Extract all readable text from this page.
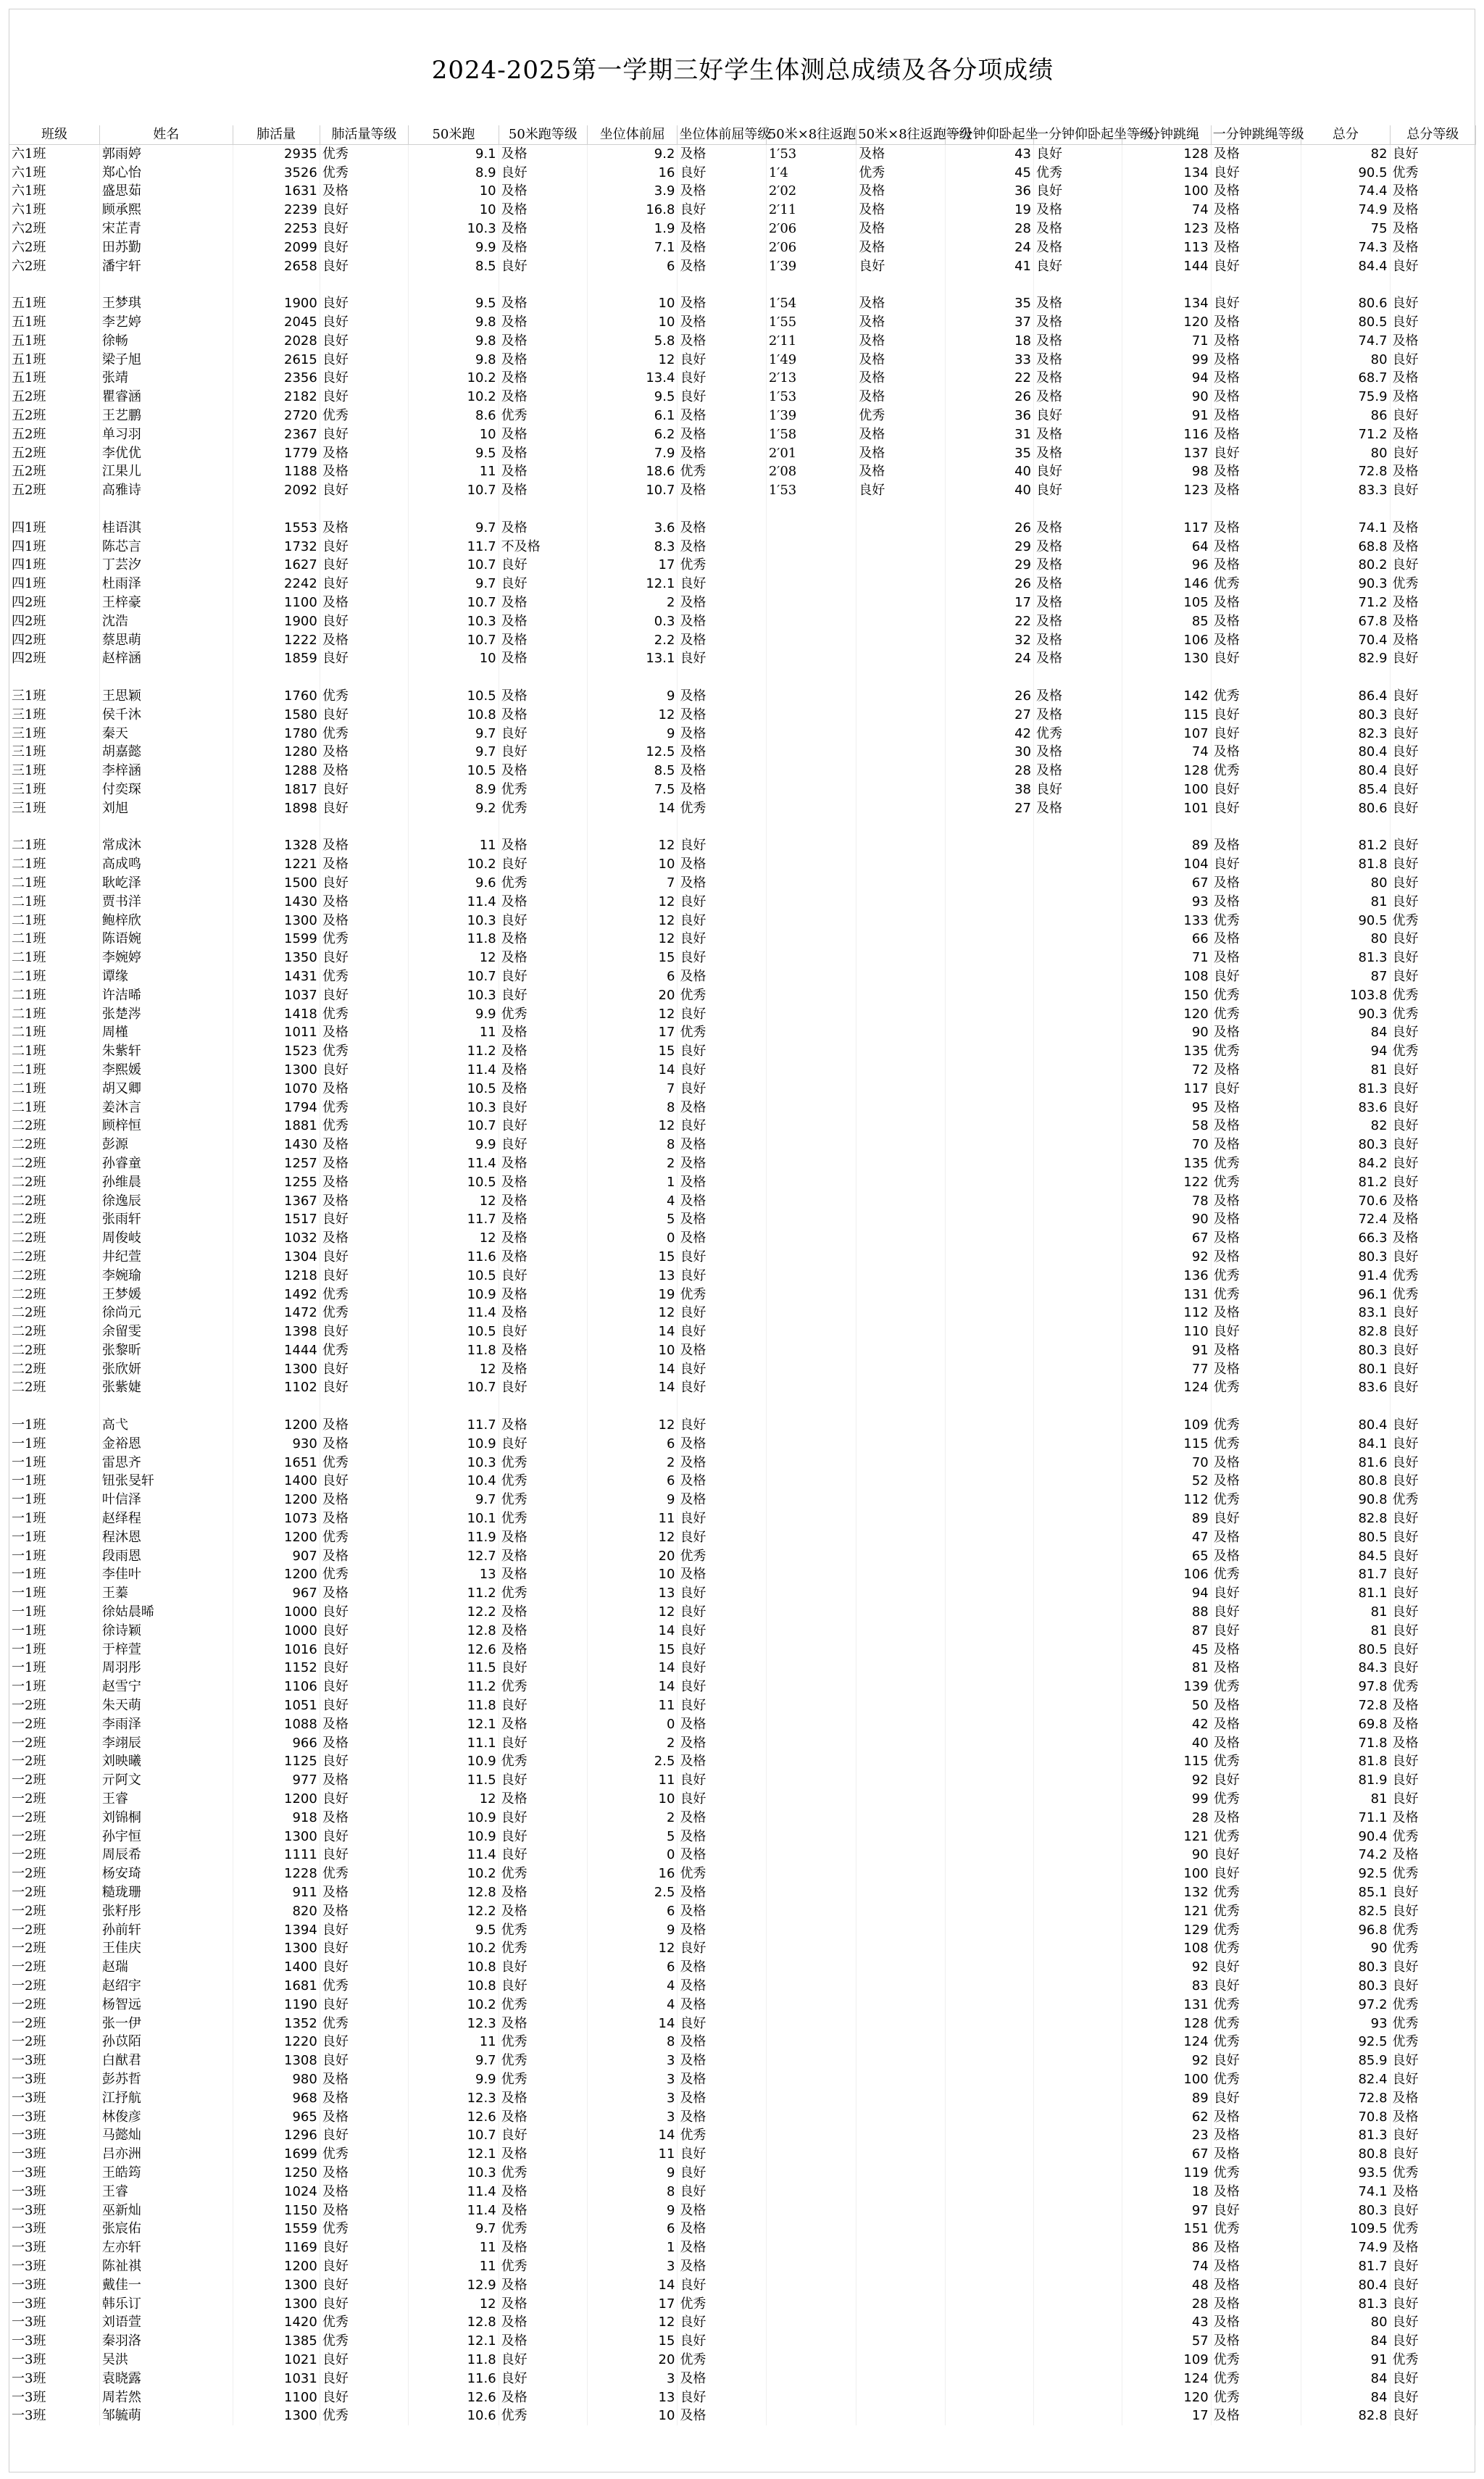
2024-2025第一学期三好学生体测总成绩及各分项成绩
班级	姓名	肺活量	肺活量等级	50米跑	50米跑等级	坐位体前屈	坐位体前屈等级	50米×8往返跑	50米×8往返跑等级	一分钟仰卧起坐	一分钟仰卧起坐等级	一分钟跳绳	一分钟跳绳等级	总分	总分等级
六1班	郭雨婷	2935	优秀	9.1	及格	9.2	及格	1′53	及格	43	良好	128	及格	82	良好
六1班	郑心怡	3526	优秀	8.9	良好	16	良好	1′4	优秀	45	优秀	134	良好	90.5	优秀
六1班	盛思茹	1631	及格	10	及格	3.9	及格	2′02	及格	36	良好	100	及格	74.4	及格
六1班	顾承熙	2239	良好	10	及格	16.8	良好	2′11	及格	19	及格	74	及格	74.9	及格
六2班	宋芷青	2253	良好	10.3	及格	1.9	及格	2′06	及格	28	及格	123	及格	75	及格
六2班	田苏勤	2099	良好	9.9	及格	7.1	及格	2′06	及格	24	及格	113	及格	74.3	及格
六2班	潘宇轩	2658	良好	8.5	良好	6	及格	1′39	良好	41	良好	144	良好	84.4	良好

五1班	王梦琪	1900	良好	9.5	及格	10	及格	1′54	及格	35	及格	134	良好	80.6	良好
五1班	李艺婷	2045	良好	9.8	及格	10	及格	1′55	及格	37	及格	120	及格	80.5	良好
五1班	徐畅	2028	良好	9.8	及格	5.8	及格	2′11	及格	18	及格	71	及格	74.7	及格
五1班	梁子旭	2615	良好	9.8	及格	12	良好	1′49	及格	33	及格	99	及格	80	良好
五1班	张靖	2356	良好	10.2	及格	13.4	良好	2′13	及格	22	及格	94	及格	68.7	及格
五2班	瞿睿涵	2182	良好	10.2	及格	9.5	良好	1′53	及格	26	及格	90	及格	75.9	及格
五2班	王艺鹏	2720	优秀	8.6	优秀	6.1	及格	1′39	优秀	36	良好	91	及格	86	良好
五2班	单习羽	2367	良好	10	及格	6.2	及格	1′58	及格	31	及格	116	及格	71.2	及格
五2班	李优优	1779	及格	9.5	及格	7.9	及格	2′01	及格	35	及格	137	良好	80	良好
五2班	江果儿	1188	及格	11	及格	18.6	优秀	2′08	及格	40	良好	98	及格	72.8	及格
五2班	高雅诗	2092	良好	10.7	及格	10.7	及格	1′53	良好	40	良好	123	及格	83.3	良好

四1班	桂语淇	1553	及格	9.7	及格	3.6	及格			26	及格	117	及格	74.1	及格
四1班	陈芯言	1732	良好	11.7	不及格	8.3	及格			29	及格	64	及格	68.8	及格
四1班	丁芸汐	1627	良好	10.7	良好	17	优秀			29	及格	96	及格	80.2	良好
四1班	杜雨泽	2242	良好	9.7	良好	12.1	良好			26	及格	146	优秀	90.3	优秀
四2班	王梓豪	1100	及格	10.7	及格	2	及格			17	及格	105	及格	71.2	及格
四2班	沈浩	1900	良好	10.3	及格	0.3	及格			22	及格	85	及格	67.8	及格
四2班	蔡思萌	1222	及格	10.7	及格	2.2	及格			32	及格	106	及格	70.4	及格
四2班	赵梓涵	1859	良好	10	及格	13.1	良好			24	及格	130	良好	82.9	良好

三1班	王思颖	1760	优秀	10.5	及格	9	及格			26	及格	142	优秀	86.4	良好
三1班	侯千沐	1580	良好	10.8	及格	12	及格			27	及格	115	良好	80.3	良好
三1班	秦天	1780	优秀	9.7	良好	9	及格			42	优秀	107	良好	82.3	良好
三1班	胡嘉懿	1280	及格	9.7	良好	12.5	及格			30	及格	74	及格	80.4	良好
三1班	李梓涵	1288	及格	10.5	及格	8.5	及格			28	及格	128	优秀	80.4	良好
三1班	付奕琛	1817	良好	8.9	优秀	7.5	及格			38	良好	100	良好	85.4	良好
三1班	刘旭	1898	良好	9.2	优秀	14	优秀			27	及格	101	良好	80.6	良好

二1班	常成沐	1328	及格	11	及格	12	良好					89	及格	81.2	良好
二1班	高成鸣	1221	及格	10.2	良好	10	及格					104	良好	81.8	良好
二1班	耿屹泽	1500	良好	9.6	优秀	7	及格					67	及格	80	良好
二1班	贾书洋	1430	及格	11.4	及格	12	良好					93	及格	81	良好
二1班	鲍梓欣	1300	及格	10.3	良好	12	良好					133	优秀	90.5	优秀
二1班	陈语婉	1599	优秀	11.8	及格	12	良好					66	及格	80	良好
二1班	李婉婷	1350	良好	12	及格	15	良好					71	及格	81.3	良好
二1班	谭缘	1431	优秀	10.7	良好	6	及格					108	良好	87	良好
二1班	许洁晞	1037	良好	10.3	良好	20	优秀					150	优秀	103.8	优秀
二1班	张楚涔	1418	优秀	9.9	优秀	12	良好					120	优秀	90.3	优秀
二1班	周槿	1011	及格	11	及格	17	优秀					90	及格	84	良好
二1班	朱紫轩	1523	优秀	11.2	及格	15	良好					135	优秀	94	优秀
二1班	李熙媛	1300	良好	11.4	及格	14	良好					72	及格	81	良好
二1班	胡又卿	1070	及格	10.5	及格	7	良好					117	良好	81.3	良好
二1班	姜沐言	1794	优秀	10.3	良好	8	及格					95	及格	83.6	良好
二2班	顾梓恒	1881	优秀	10.7	良好	12	良好					58	及格	82	良好
二2班	彭源	1430	及格	9.9	良好	8	及格					70	及格	80.3	良好
二2班	孙睿童	1257	及格	11.4	及格	2	及格					135	优秀	84.2	良好
二2班	孙维晨	1255	及格	10.5	及格	1	及格					122	优秀	81.2	良好
二2班	徐逸辰	1367	及格	12	及格	4	及格					78	及格	70.6	及格
二2班	张雨轩	1517	良好	11.7	及格	5	及格					90	及格	72.4	及格
二2班	周俊岐	1032	及格	12	及格	0	及格					67	及格	66.3	及格
二2班	井纪萱	1304	良好	11.6	及格	15	良好					92	及格	80.3	良好
二2班	李婉瑜	1218	良好	10.5	良好	13	良好					136	优秀	91.4	优秀
二2班	王梦媛	1492	优秀	10.9	及格	19	优秀					131	优秀	96.1	优秀
二2班	徐尚元	1472	优秀	11.4	及格	12	良好					112	及格	83.1	良好
二2班	余留雯	1398	良好	10.5	良好	14	良好					110	良好	82.8	良好
二2班	张黎昕	1444	优秀	11.8	及格	10	及格					91	及格	80.3	良好
二2班	张欣妍	1300	良好	12	及格	14	良好					77	及格	80.1	良好
二2班	张紫婕	1102	良好	10.7	良好	14	良好					124	优秀	83.6	良好

一1班	高弋	1200	及格	11.7	及格	12	良好					109	优秀	80.4	良好
一1班	金裕恩	930	及格	10.9	良好	6	及格					115	优秀	84.1	良好
一1班	雷思齐	1651	优秀	10.3	优秀	2	及格					70	及格	81.6	良好
一1班	钮张旻轩	1400	良好	10.4	优秀	6	及格					52	及格	80.8	良好
一1班	叶信泽	1200	及格	9.7	优秀	9	及格					112	优秀	90.8	优秀
一1班	赵绎程	1073	及格	10.1	优秀	11	良好					89	良好	82.8	良好
一1班	程沐恩	1200	优秀	11.9	及格	12	良好					47	及格	80.5	良好
一1班	段雨恩	907	及格	12.7	及格	20	优秀					65	及格	84.5	良好
一1班	李佳叶	1200	优秀	13	及格	10	及格					106	优秀	81.7	良好
一1班	王蓁	967	及格	11.2	优秀	13	良好					94	良好	81.1	良好
一1班	徐姑晨晞	1000	良好	12.2	及格	12	良好					88	良好	81	良好
一1班	徐诗颖	1000	良好	12.8	及格	14	良好					87	良好	81	良好
一1班	于梓萱	1016	良好	12.6	及格	15	良好					45	及格	80.5	良好
一1班	周羽彤	1152	良好	11.5	良好	14	良好					81	及格	84.3	良好
一1班	赵雪宁	1106	良好	11.2	优秀	14	良好					139	优秀	97.8	优秀
一2班	朱天萌	1051	良好	11.8	良好	11	良好					50	及格	72.8	及格
一2班	李雨泽	1088	及格	12.1	及格	0	及格					42	及格	69.8	及格
一2班	李翊辰	966	及格	11.1	良好	2	及格					40	及格	71.8	及格
一2班	刘映曦	1125	良好	10.9	优秀	2.5	及格					115	优秀	81.8	良好
一2班	亓阿文	977	及格	11.5	良好	11	良好					92	良好	81.9	良好
一2班	王睿	1200	良好	12	及格	10	良好					99	优秀	81	良好
一2班	刘锦桐	918	及格	10.9	良好	2	及格					28	及格	71.1	及格
一2班	孙宇恒	1300	良好	10.9	良好	5	及格					121	优秀	90.4	优秀
一2班	周辰希	1111	良好	11.4	良好	0	及格					90	良好	74.2	及格
一2班	杨安琦	1228	优秀	10.2	优秀	16	优秀					100	良好	92.5	优秀
一2班	糙珑珊	911	及格	12.8	及格	2.5	及格					132	优秀	85.1	良好
一2班	张籽彤	820	及格	12.2	及格	6	及格					121	优秀	82.5	良好
一2班	孙前轩	1394	良好	9.5	优秀	9	及格					129	优秀	96.8	优秀
一2班	王佳庆	1300	良好	10.2	优秀	12	良好					108	优秀	90	优秀
一2班	赵瑞	1400	良好	10.8	良好	6	及格					92	良好	80.3	良好
一2班	赵绍宇	1681	优秀	10.8	良好	4	及格					83	良好	80.3	良好
一2班	杨智远	1190	良好	10.2	优秀	4	及格					131	优秀	97.2	优秀
一2班	张一伊	1352	优秀	12.3	及格	14	良好					128	优秀	93	优秀
一2班	孙苡陌	1220	良好	11	优秀	8	及格					124	优秀	92.5	优秀
一3班	白猷君	1308	良好	9.7	优秀	3	及格					92	良好	85.9	良好
一3班	彭苏哲	980	及格	9.9	优秀	3	及格					100	优秀	82.4	良好
一3班	江抒航	968	及格	12.3	及格	3	及格					89	良好	72.8	及格
一3班	林俊彦	965	及格	12.6	及格	3	及格					62	及格	70.8	及格
一3班	马懿灿	1296	良好	10.7	良好	14	优秀					23	及格	81.3	良好
一3班	吕亦洲	1699	优秀	12.1	及格	11	良好					67	及格	80.8	良好
一3班	王皓筠	1250	及格	10.3	优秀	9	良好					119	优秀	93.5	优秀
一3班	王睿	1024	及格	11.4	及格	8	良好					18	及格	74.1	及格
一3班	巫新灿	1150	及格	11.4	及格	9	及格					97	良好	80.3	良好
一3班	张宸佑	1559	优秀	9.7	优秀	6	及格					151	优秀	109.5	优秀
一3班	左亦轩	1169	良好	11	及格	1	及格					86	及格	74.9	及格
一3班	陈祉祺	1200	良好	11	优秀	3	及格					74	及格	81.7	良好
一3班	戴佳一	1300	良好	12.9	及格	14	良好					48	及格	80.4	良好
一3班	韩乐订	1300	良好	12	及格	17	优秀					28	及格	81.3	良好
一3班	刘语萱	1420	优秀	12.8	及格	12	良好					43	及格	80	良好
一3班	秦羽洛	1385	优秀	12.1	及格	15	良好					57	及格	84	良好
一3班	吴洪	1021	良好	11.8	良好	20	优秀					109	优秀	91	优秀
一3班	袁晓露	1031	良好	11.6	良好	3	及格					124	优秀	84	良好
一3班	周若然	1100	良好	12.6	及格	13	良好					120	优秀	84	良好
一3班	邹毓萌	1300	优秀	10.6	优秀	10	及格					17	及格	82.8	良好
